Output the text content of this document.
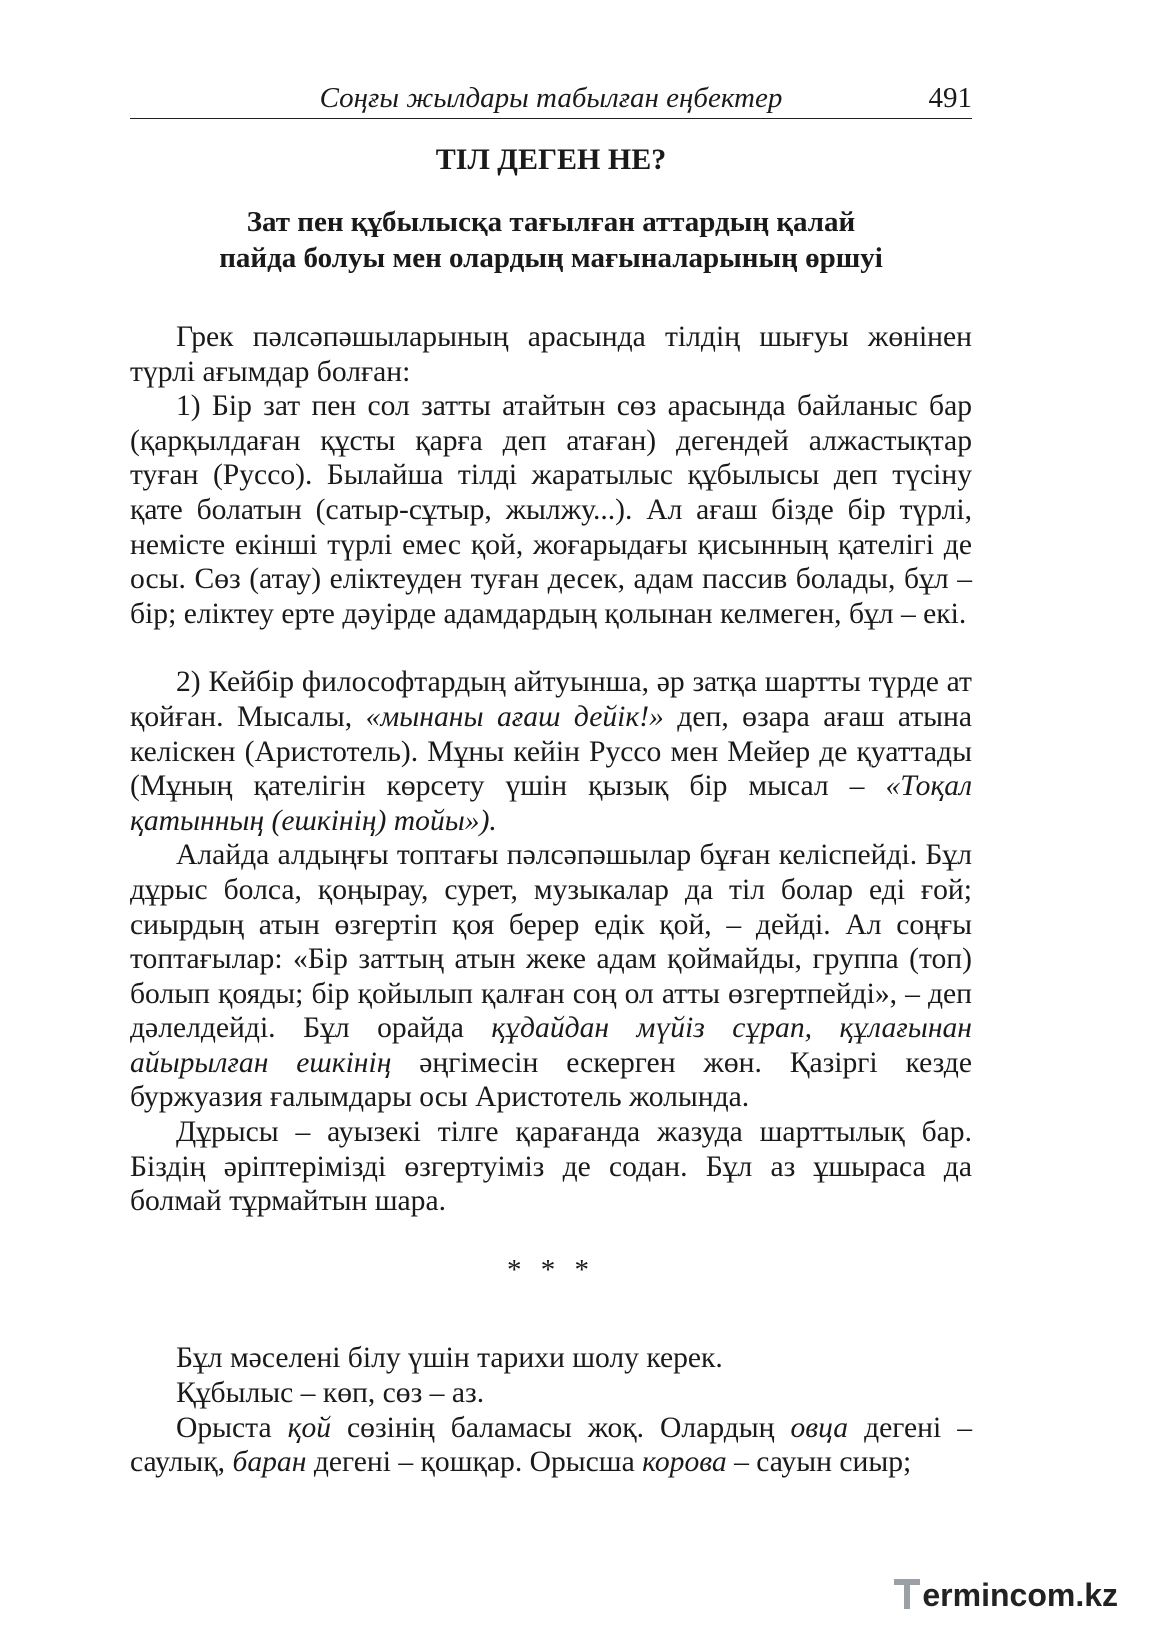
Соңғы жылдары табылған еңбектер	491
ТІЛ ДЕГЕН НЕ?
Зат пен құбылысқа тағылған аттардың қалай
пайда болуы мен олардың мағыналарының өршуі

Грек пәлсәпәшыларының арасында тілдің шығуы жөнінен түрлі ағымдар болған:

1) Бір зат пен сол затты атайтын сөз арасында байланыс бар (қарқылдаған құсты қарға деп атаған) дегендей алжастықтар туған (Руссо). Былайша тілді жаратылыс құбылысы деп түсіну қате болатын (сатыр-сұтыр, жылжу...). Ал ағаш бізде бір түрлі, немісте екінші түрлі емес қой, жоғарыдағы қисынның қателігі де осы. Сөз (атау) еліктеуден туған десек, адам пассив болады, бұл – бір; еліктеу ерте дәуірде адамдардың қолынан келмеген, бұл – екі.

2) Кейбір философтардың айтуынша, әр затқа шартты түрде ат қойған. Мысалы, «мынаны ағаш дейік!» деп, өзара ағаш атына келіскен (Аристотель). Мұны кейін Руссо мен Мейер де қуаттады (Мұның қателігін көрсету үшін қызық бір мысал – «Тоқал қатынның (ешкінің) тойы»).

Алайда алдыңғы топтағы пәлсәпәшылар бұған келіспейді. Бұл дұрыс болса, қоңырау, сурет, музыкалар да тіл болар еді ғой; сиырдың атын өзгертіп қоя берер едік қой, – дейді. Ал соңғы топтағылар: «Бір заттың атын жеке адам қоймайды, группа (топ) болып қояды; бір қойылып қалған соң ол атты өзгертпейді», – деп дәлелдейді. Бұл орайда құдайдан мүйіз сұрап, құлағынан айырылған ешкінің әңгімесін ескерген жөн. Қазіргі кезде буржуазия ғалымдары осы Аристотель жолында.

Дұрысы – ауызекі тілге қарағанда жазуда шарттылық бар. Біздің әріптерімізді өзгертуіміз де содан. Бұл аз ұшыраса да болмай тұрмайтын шара.

* * *

Бұл мәселені білу үшін тарихи шолу керек.

Құбылыс – көп, сөз – аз.

Орыста қой сөзінің баламасы жоқ. Олардың овца дегені – саулық, баран дегені – қошқар. Орысша корова – сауын сиыр;

ermincom.kz
